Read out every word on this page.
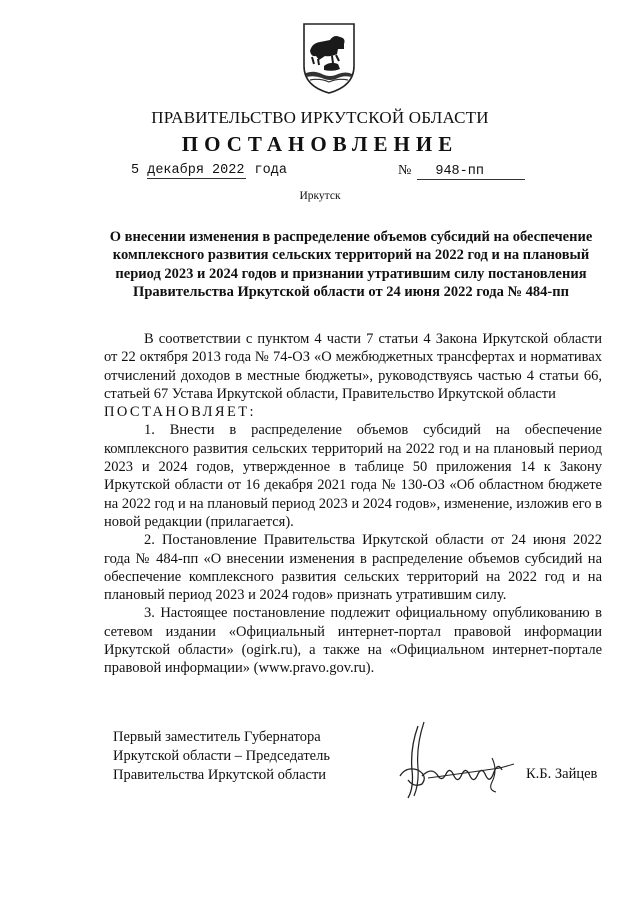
ПРАВИТЕЛЬСТВО ИРКУТСКОЙ ОБЛАСТИ
ПОСТАНОВЛЕНИЕ
5 декабря 2022 года	№ 948-пп
Иркутск
О внесении изменения в распределение объемов субсидий на обеспечение комплексного развития сельских территорий на 2022 год и на плановый период 2023 и 2024 годов и признании утратившим силу постановления Правительства Иркутской области от 24 июня 2022 года № 484-пп

В соответствии с пунктом 4 части 7 статьи 4 Закона Иркутской области от 22 октября 2013 года № 74-ОЗ «О межбюджетных трансфертах и нормативах отчислений доходов в местные бюджеты», руководствуясь частью 4 статьи 66, статьей 67 Устава Иркутской области, Правительство Иркутской области

ПОСТАНОВЛЯЕТ:

1. Внести в распределение объемов субсидий на обеспечение комплексного развития сельских территорий на 2022 год и на плановый период 2023 и 2024 годов, утвержденное в таблице 50 приложения 14 к Закону Иркутской области от 16 декабря 2021 года № 130-ОЗ «Об областном бюджете на 2022 год и на плановый период 2023 и 2024 годов», изменение, изложив его в новой редакции (прилагается).

2. Постановление Правительства Иркутской области от 24 июня 2022 года № 484-пп «О внесении изменения в распределение объемов субсидий на обеспечение комплексного развития сельских территорий на 2022 год и на плановый период 2023 и 2024 годов» признать утратившим силу.

3. Настоящее постановление подлежит официальному опубликованию в сетевом издании «Официальный интернет-портал правовой информации Иркутской области» (ogirk.ru), а также на «Официальном интернет-портале правовой информации» (www.pravo.gov.ru).

Первый заместитель Губернатора
Иркутской области – Председатель
Правительства Иркутской области	К.Б. Зайцев
